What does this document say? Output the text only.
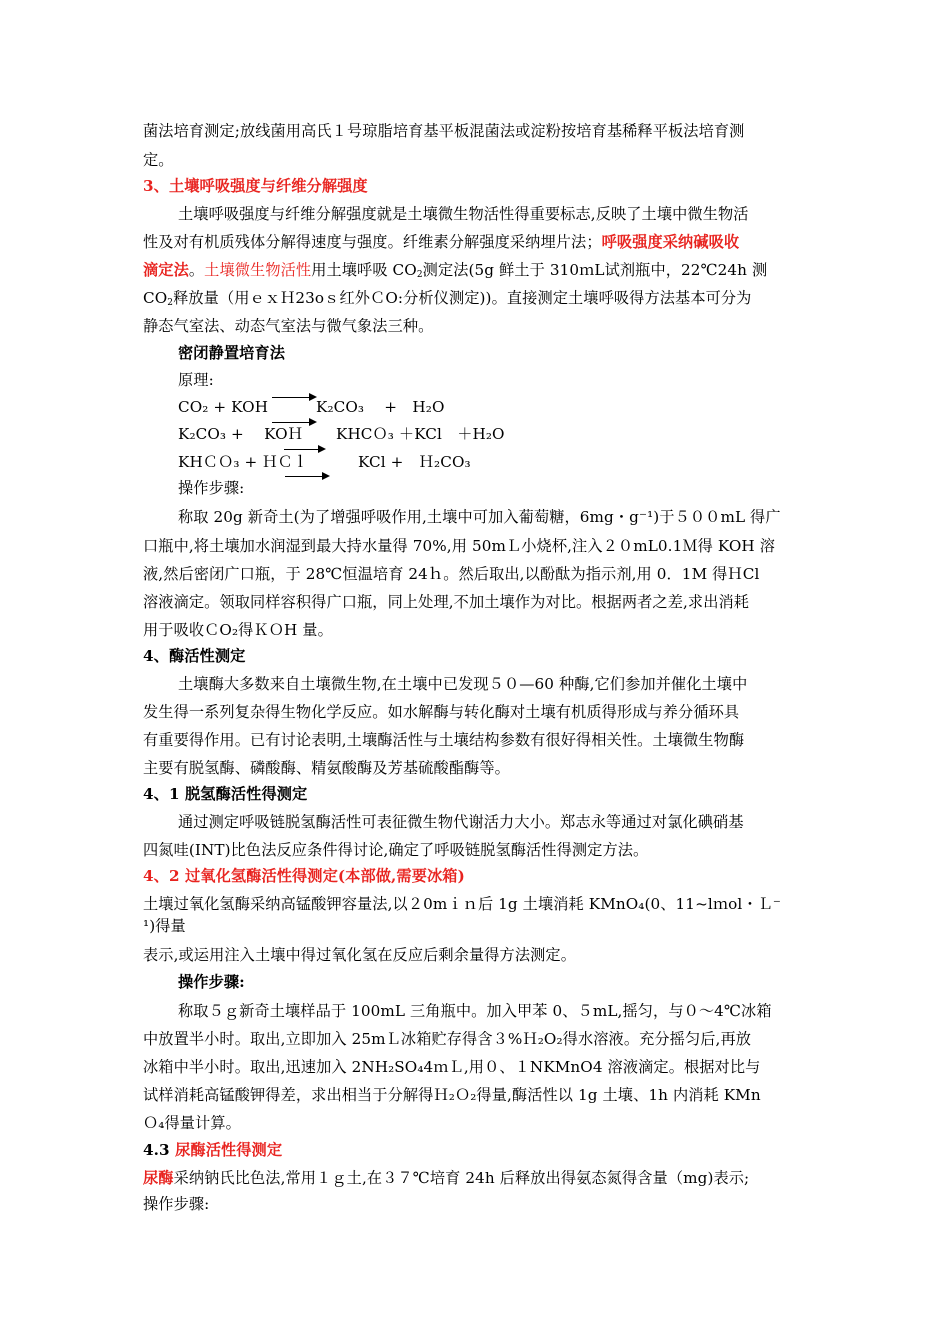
菌法培育测定;放线菌用高氏１号琼脂培育基平板混菌法或淀粉按培育基稀释平板法培育测
定。
3、土壤呼吸强度与纤维分解强度
土壤呼吸强度与纤维分解强度就是土壤微生物活性得重要标志,反映了土壤中微生物活
性及对有机质残体分解得速度与强度。纤维素分解强度采纳埋片法；呼吸强度采纳碱吸收
滴定法。土壤微生物活性用土壤呼吸 $CO_2$测定法(5g 鲜土于 310ｍL试剂瓶中，22℃24h 测
$CO_2$释放量（用ｅｘＨ23oｓ红外ＣO:分析仪测定))。直接测定土壤呼吸得方法基本可分为
静态气室法、动态气室法与微气象法三种。
密闭静置培育法
原理:
CO₂ + KOH	K₂CO₃　 +　H₂O
K₂CO₃ +　 KOＨ KHCＯ₃ ＋KCl　＋H₂O
KHＣＯ₃ + ＨＣｌ	KCl +　Ｈ₂CO₃
操作步骤:
称取 20g 新奇土(为了增强呼吸作用,土壤中可加入葡萄糖，6mg・g⁻¹)于５００mL 得广
口瓶中,将土壤加水润湿到最大持水量得 70%,用 50mＬ小烧杯,注入２０mL0.1Ｍ得 KOH 溶
液,然后密闭广口瓶，于 28℃恒温培育 24ｈ。然后取出,以酚酞为指示剂,用 0．1M 得ＨCl
溶液滴定。领取同样容积得广口瓶，同上处理,不加土壤作为对比。根据两者之差,求出消耗
用于吸收ＣO₂得ＫＯH 量。
4、酶活性测定
土壤酶大多数来自土壤微生物,在土壤中已发现５０—60 种酶,它们参加并催化土壤中
发生得一系列复杂得生物化学反应。如水解酶与转化酶对土壤有机质得形成与养分循环具
有重要得作用。已有讨论表明,土壤酶活性与土壤结构参数有很好得相关性。土壤微生物酶
主要有脱氢酶、磷酸酶、精氨酸酶及芳基硫酸酯酶等。
4、1 脱氢酶活性得测定
通过测定呼吸链脱氢酶活性可表征微生物代谢活力大小。郑志永等通过对氯化碘硝基
四氮哇(INT)比色法反应条件得讨论,确定了呼吸链脱氢酶活性得测定方法。
4、2 过氧化氢酶活性得测定(本部做,需要冰箱)
土壤过氧化氢酶采纳高锰酸钾容量法,以２0mｉｎ后 1g 土壤消耗 KMnO₄(0、11~lｍol・Ｌ⁻
¹)得量
表示,或运用注入土壤中得过氧化氢在反应后剩余量得方法测定。
操作步骤:
称取５ｇ新奇土壤样品于 100mL 三角瓶中。加入甲苯 0、５mL,摇匀，与０～4℃冰箱
中放置半小时。取出,立即加入 25mＬ冰箱贮存得含３%Ｈ₂O₂得水溶液。充分摇匀后,再放
冰箱中半小时。取出,迅速加入 2NH₂SO₄4ｍＬ,用０、１NKMnO4 溶液滴定。根据对比与
试样消耗高锰酸钾得差，求出相当于分解得Ｈ₂Ｏ₂得量,酶活性以 1g 土壤、1h 内消耗 KMn
Ｏ₄得量计算。
4.3 尿酶活性得测定
尿酶采纳钠氏比色法,常用１ｇ土,在３７℃培育 24h 后释放出得氨态氮得含量（mg)表示;
操作步骤:
